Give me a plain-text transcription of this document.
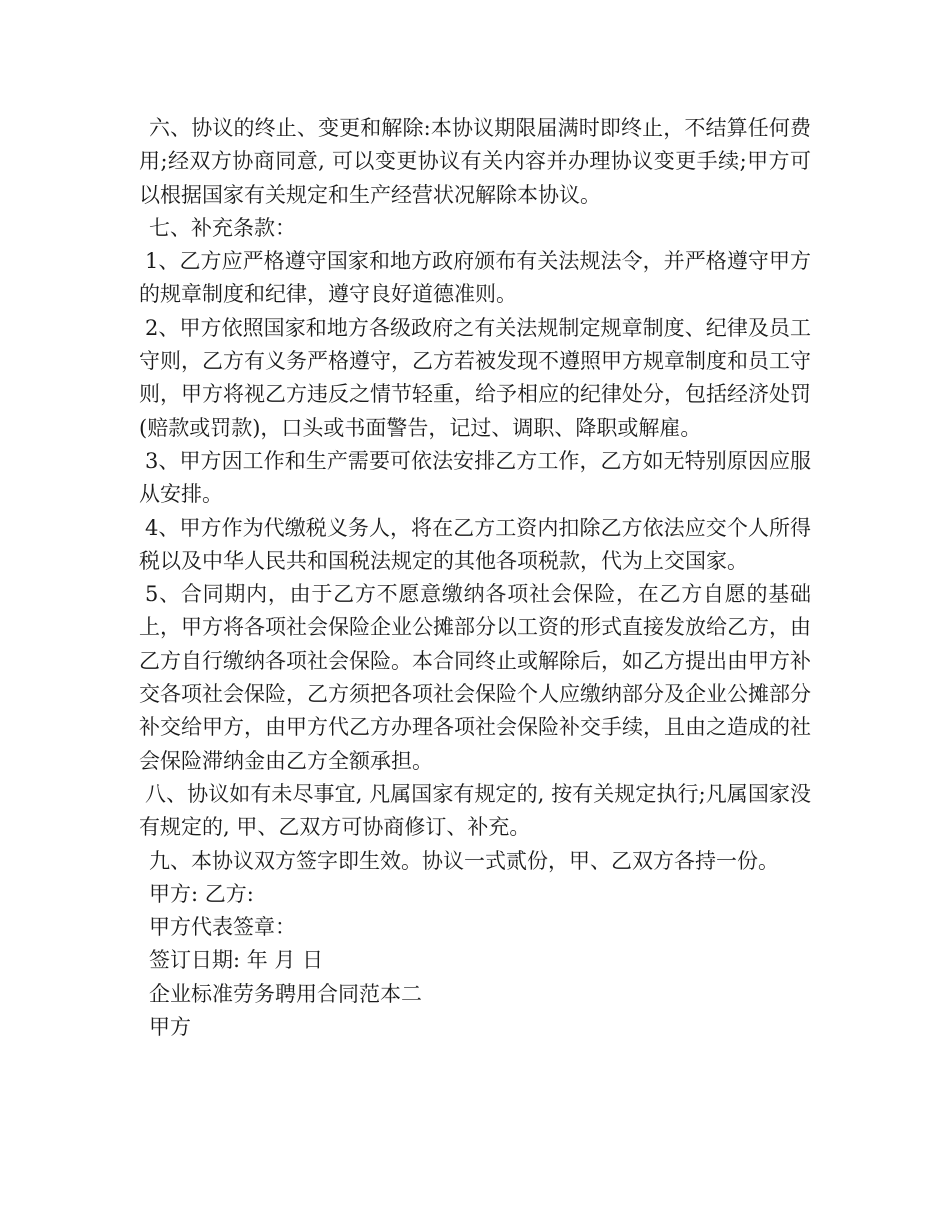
六、协议的终止、变更和解除:本协议期限届满时即终止，不结算任何费用;经双方协商同意, 可以变更协议有关内容并办理协议变更手续;甲方可以根据国家有关规定和生产经营状况解除本协议。

七、补充条款：

1、乙方应严格遵守国家和地方政府颁布有关法规法令，并严格遵守甲方的规章制度和纪律，遵守良好道德准则。

2、甲方依照国家和地方各级政府之有关法规制定规章制度、纪律及员工守则，乙方有义务严格遵守，乙方若被发现不遵照甲方规章制度和员工守则，甲方将视乙方违反之情节轻重，给予相应的纪律处分，包括经济处罚(赔款或罚款)，口头或书面警告，记过、调职、降职或解雇。

3、甲方因工作和生产需要可依法安排乙方工作，乙方如无特别原因应服从安排。

4、甲方作为代缴税义务人，将在乙方工资内扣除乙方依法应交个人所得税以及中华人民共和国税法规定的其他各项税款，代为上交国家。

5、合同期内，由于乙方不愿意缴纳各项社会保险，在乙方自愿的基础上，甲方将各项社会保险企业公摊部分以工资的形式直接发放给乙方，由乙方自行缴纳各项社会保险。本合同终止或解除后，如乙方提出由甲方补交各项社会保险，乙方须把各项社会保险个人应缴纳部分及企业公摊部分补交给甲方，由甲方代乙方办理各项社会保险补交手续，且由之造成的社会保险滞纳金由乙方全额承担。

八、协议如有未尽事宜, 凡属国家有规定的, 按有关规定执行;凡属国家没有规定的, 甲、乙双方可协商修订、补充。

九、本协议双方签字即生效。协议一式贰份，甲、乙双方各持一份。

甲方: 乙方:

甲方代表签章：

签订日期: 年 月 日

企业标准劳务聘用合同范本二

甲方
